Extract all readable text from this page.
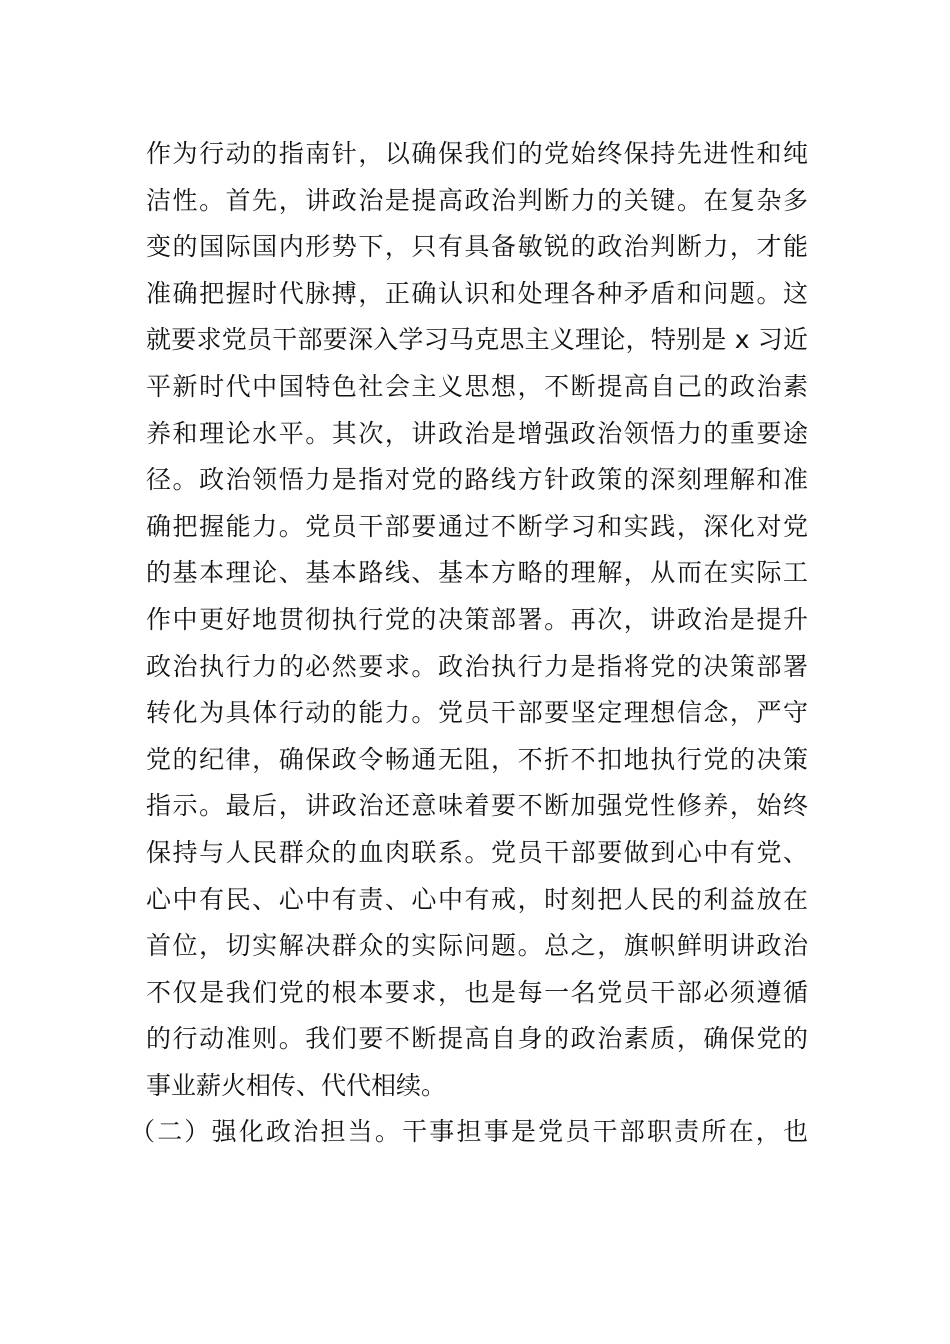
作为行动的指南针，以确保我们的党始终保持先进性和纯
洁性。首先，讲政治是提高政治判断力的关键。在复杂多
变的国际国内形势下，只有具备敏锐的政治判断力，才能
准确把握时代脉搏，正确认识和处理各种矛盾和问题。这
就要求党员干部要深入学习马克思主义理论，特别是 x 习近
平新时代中国特色社会主义思想，不断提高自己的政治素
养和理论水平。其次，讲政治是增强政治领悟力的重要途
径。政治领悟力是指对党的路线方针政策的深刻理解和准
确把握能力。党员干部要通过不断学习和实践，深化对党
的基本理论、基本路线、基本方略的理解，从而在实际工
作中更好地贯彻执行党的决策部署。再次，讲政治是提升
政治执行力的必然要求。政治执行力是指将党的决策部署
转化为具体行动的能力。党员干部要坚定理想信念，严守
党的纪律，确保政令畅通无阻，不折不扣地执行党的决策
指示。最后，讲政治还意味着要不断加强党性修养，始终
保持与人民群众的血肉联系。党员干部要做到心中有党、
心中有民、心中有责、心中有戒，时刻把人民的利益放在
首位，切实解决群众的实际问题。总之，旗帜鲜明讲政治
不仅是我们党的根本要求，也是每一名党员干部必须遵循
的行动准则。我们要不断提高自身的政治素质，确保党的
事业薪火相传、代代相续。
（二）强化政治担当。干事担事是党员干部职责所在，也
